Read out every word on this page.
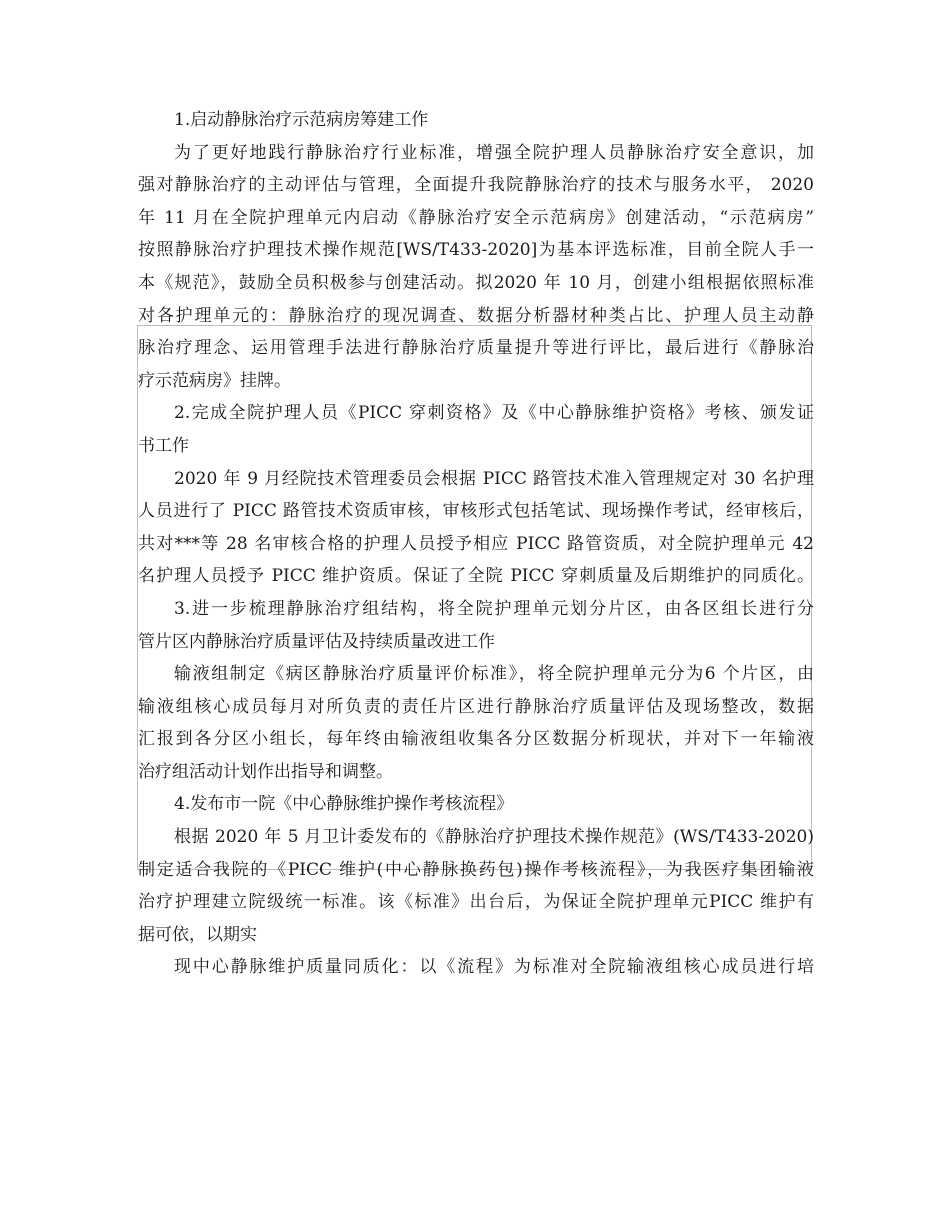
1.启动静脉治疗示范病房筹建工作
为了更好地践行静脉治疗行业标准，增强全院护理人员静脉治疗安全意识，加
强对静脉治疗的主动评估与管理，全面提升我院静脉治疗的技术与服务水平， 2020
年 11 月在全院护理单元内启动《静脉治疗安全示范病房》创建活动，“示范病房”
按照静脉治疗护理技术操作规范[WS/T433-2020]为基本评选标准，目前全院人手一
本《规范》，鼓励全员积极参与创建活动。拟2020 年 10 月，创建小组根据依照标准
对各护理单元的：静脉治疗的现况调查、数据分析器材种类占比、护理人员主动静
脉治疗理念、运用管理手法进行静脉治疗质量提升等进行评比，最后进行《静脉治
疗示范病房》挂牌。
2.完成全院护理人员《PICC 穿刺资格》及《中心静脉维护资格》考核、颁发证
书工作
2020 年 9 月经院技术管理委员会根据 PICC 路管技术准入管理规定对 30 名护理
人员进行了 PICC 路管技术资质审核，审核形式包括笔试、现场操作考试，经审核后，
共对***等 28 名审核合格的护理人员授予相应 PICC 路管资质，对全院护理单元 42
名护理人员授予 PICC 维护资质。保证了全院 PICC 穿刺质量及后期维护的同质化。
3.进一步梳理静脉治疗组结构，将全院护理单元划分片区，由各区组长进行分
管片区内静脉治疗质量评估及持续质量改进工作
输液组制定《病区静脉治疗质量评价标准》，将全院护理单元分为6 个片区，由
输液组核心成员每月对所负责的责任片区进行静脉治疗质量评估及现场整改，数据
汇报到各分区小组长，每年终由输液组收集各分区数据分析现状，并对下一年输液
治疗组活动计划作出指导和调整。
4.发布市一院《中心静脉维护操作考核流程》
根据 2020 年 5 月卫计委发布的《静脉治疗护理技术操作规范》(WS/T433-2020)
制定适合我院的《PICC 维护(中心静脉换药包)操作考核流程》，为我医疗集团输液
治疗护理建立院级统一标准。该《标准》出台后，为保证全院护理单元PICC 维护有
据可依，以期实
现中心静脉维护质量同质化：以《流程》为标准对全院输液组核心成员进行培
